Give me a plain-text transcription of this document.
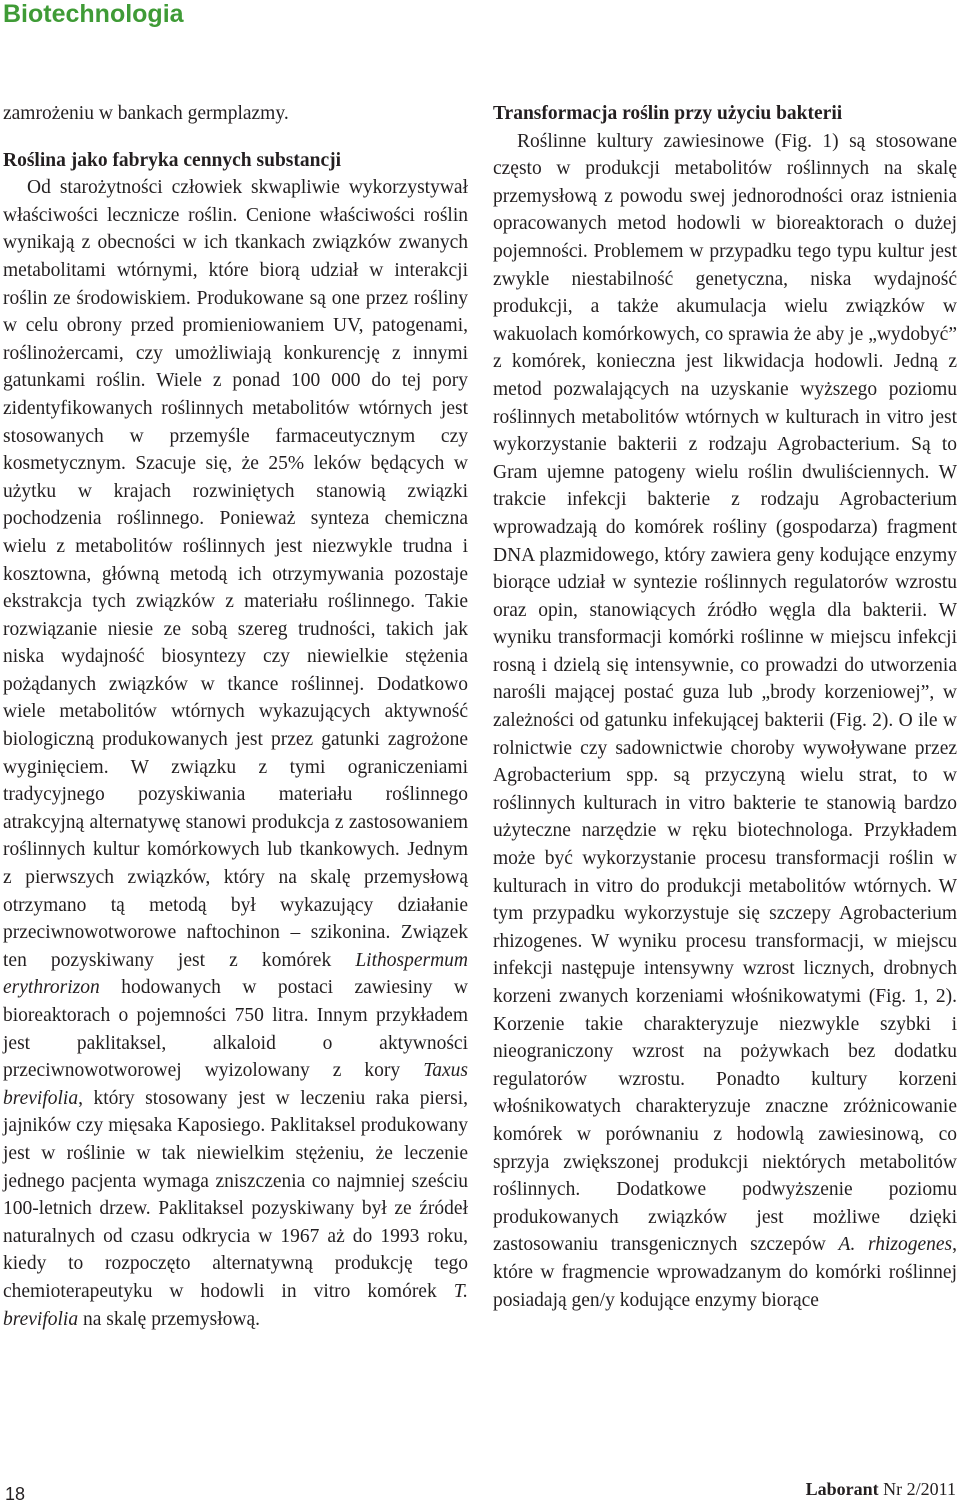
Biotechnologia

zamrożeniu w bankach germplazmy.

Roślina jako fabryka cennych substancji

Od starożytności człowiek skwapliwie wykorzystywał właściwości lecznicze roślin. Cenione właściwości roślin wynikają z obecności w ich tkankach związków zwanych metabolitami wtórnymi, które biorą udział w interakcji roślin ze środowiskiem. Produkowane są one przez rośliny w celu obrony przed promieniowaniem UV, patogenami, roślinożercami, czy umożliwiają konkurencję z innymi gatunkami roślin. Wiele z ponad 100 000 do tej pory zidentyfikowanych roślinnych metabolitów wtórnych jest stosowanych w przemyśle farmaceutycznym czy kosmetycznym. Szacuje się, że 25% leków będących w użytku w krajach rozwiniętych stanowią związki pochodzenia roślinnego. Ponieważ synteza chemiczna wielu z metabolitów roślinnych jest niezwykle trudna i kosztowna, główną metodą ich otrzymywania pozostaje ekstrakcja tych związków z materiału roślinnego. Takie rozwiązanie niesie ze sobą szereg trudności, takich jak niska wydajność biosyntezy czy niewielkie stężenia pożądanych związków w tkance roślinnej. Dodatkowo wiele metabolitów wtórnych wykazujących aktywność biologiczną produkowanych jest przez gatunki zagrożone wyginięciem. W związku z tymi ograniczeniami tradycyjnego pozyskiwania materiału roślinnego atrakcyjną alternatywę stanowi produkcja z zastosowaniem roślinnych kultur komórkowych lub tkankowych. Jednym z pierwszych związków, który na skalę przemysłową otrzymano tą metodą był wykazujący działanie przeciwnowotworowe naftochinon – szikonina. Związek ten pozyskiwany jest z komórek Lithospermum erythrorizon hodowanych w postaci zawiesiny w bioreaktorach o pojemności 750 litra. Innym przykładem jest paklitaksel, alkaloid o aktywności przeciwnowotworowej wyizolowany z kory Taxus brevifolia, który stosowany jest w leczeniu raka piersi, jajników czy mięsaka Kaposiego. Paklitaksel produkowany jest w roślinie w tak niewielkim stężeniu, że leczenie jednego pacjenta wymaga zniszczenia co najmniej sześciu 100-letnich drzew. Paklitaksel pozyskiwany był ze źródeł naturalnych od czasu odkrycia w 1967 aż do 1993 roku, kiedy to rozpoczęto alternatywną produkcję tego chemioterapeutyku w hodowli in vitro komórek T. brevifolia na skalę przemysłową.

Transformacja roślin przy użyciu bakterii

Roślinne kultury zawiesinowe (Fig. 1) są stosowane często w produkcji metabolitów roślinnych na skalę przemysłową z powodu swej jednorodności oraz istnienia opracowanych metod hodowli w bioreaktorach o dużej pojemności. Problemem w przypadku tego typu kultur jest zwykle niestabilność genetyczna, niska wydajność produkcji, a także akumulacja wielu związków w wakuolach komórkowych, co sprawia że aby je „wydobyć” z komórek, konieczna jest likwidacja hodowli. Jedną z metod pozwalających na uzyskanie wyższego poziomu roślinnych metabolitów wtórnych w kulturach in vitro jest wykorzystanie bakterii z rodzaju Agrobacterium. Są to Gram ujemne patogeny wielu roślin dwuliściennych. W trakcie infekcji bakterie z rodzaju Agrobacterium wprowadzają do komórek rośliny (gospodarza) fragment DNA plazmidowego, który zawiera geny kodujące enzymy biorące udział w syntezie roślinnych regulatorów wzrostu oraz opin, stanowiących źródło węgla dla bakterii. W wyniku transformacji komórki roślinne w miejscu infekcji rosną i dzielą się intensywnie, co prowadzi do utworzenia narośli mającej postać guza lub „brody korzeniowej”, w zależności od gatunku infekującej bakterii (Fig. 2). O ile w rolnictwie czy sadownictwie choroby wywoływane przez Agrobacterium spp. są przyczyną wielu strat, to w roślinnych kulturach in vitro bakterie te stanowią bardzo użyteczne narzędzie w ręku biotechnologa. Przykładem może być wykorzystanie procesu transformacji roślin w kulturach in vitro do produkcji metabolitów wtórnych. W tym przypadku wykorzystuje się szczepy Agrobacterium rhizogenes. W wyniku procesu transformacji, w miejscu infekcji następuje intensywny wzrost licznych, drobnych korzeni zwanych korzeniami włośnikowatymi (Fig. 1, 2). Korzenie takie charakteryzuje niezwykle szybki i nieograniczony wzrost na pożywkach bez dodatku regulatorów wzrostu. Ponadto kultury korzeni włośnikowatych charakteryzuje znaczne zróżnicowanie komórek w porównaniu z hodowlą zawiesinową, co sprzyja zwiększonej produkcji niektórych metabolitów roślinnych. Dodatkowe podwyższenie poziomu produkowanych związków jest możliwe dzięki zastosowaniu transgenicznych szczepów A. rhizogenes, które w fragmencie wprowadzanym do komórki roślinnej posiadają gen/y kodujące enzymy biorące

18	Laborant Nr 2/2011
